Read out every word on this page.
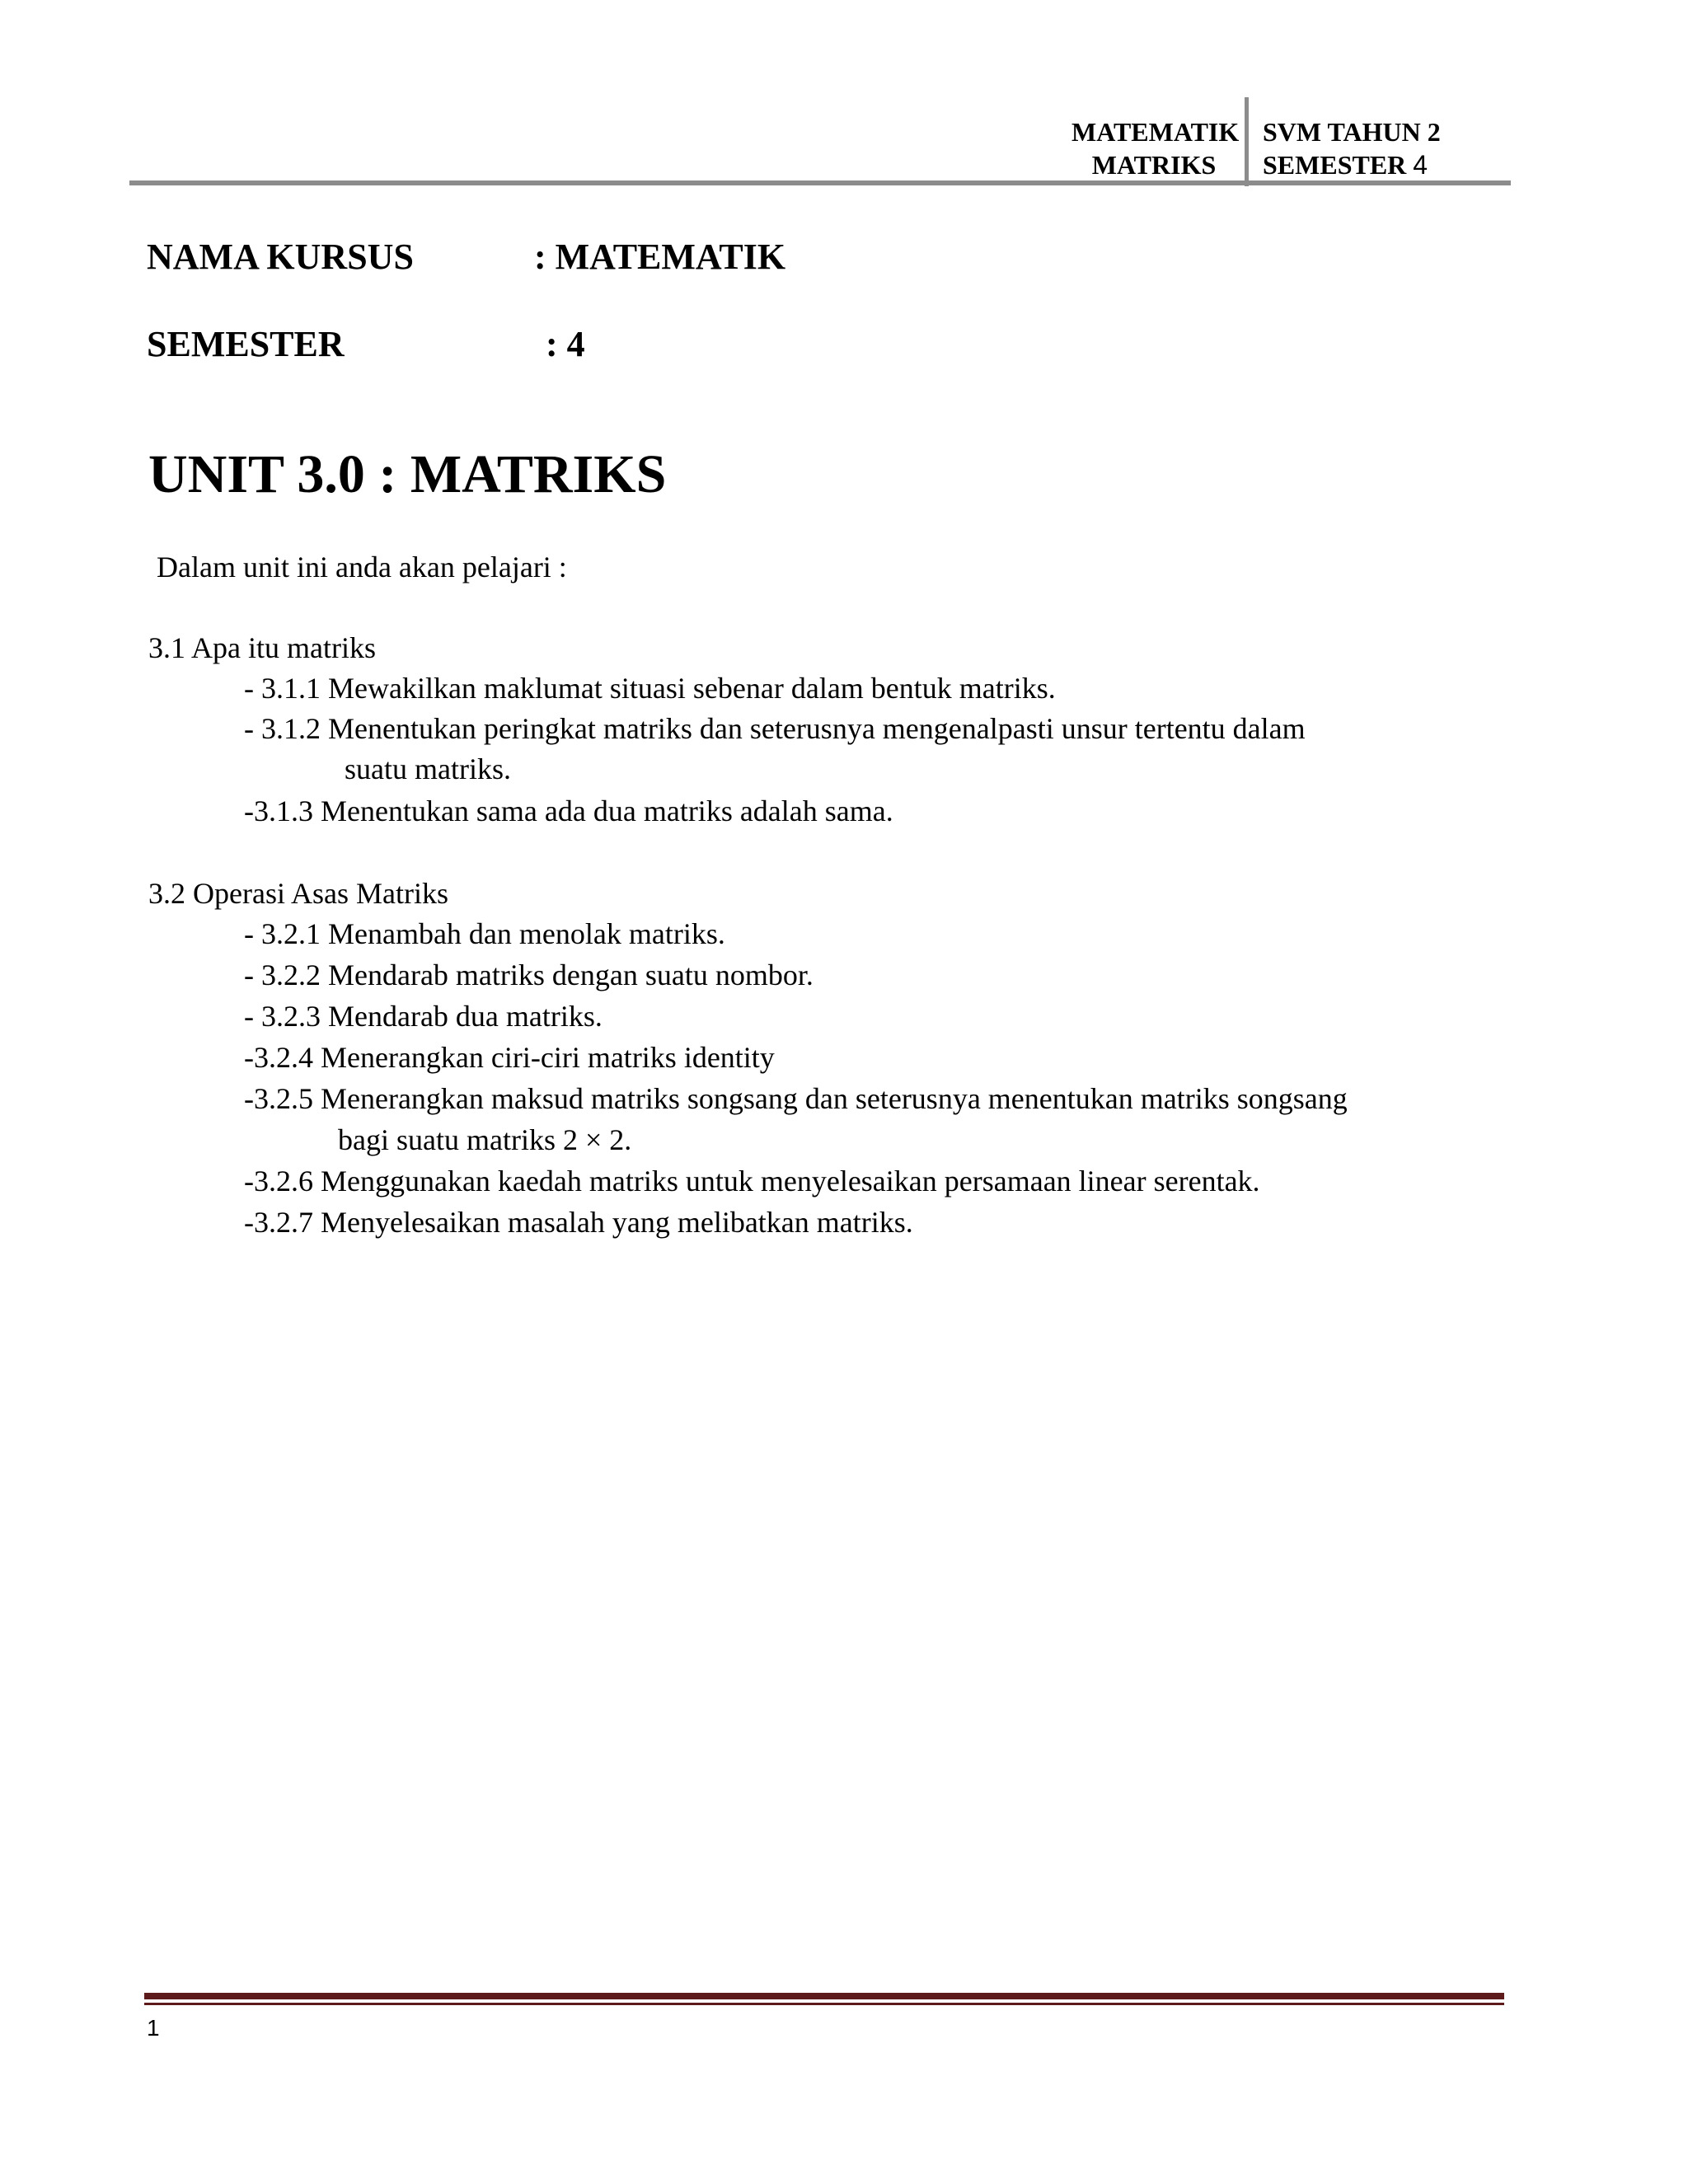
MATEMATIK
MATRIKS
SVM TAHUN 2
SEMESTER 4
NAMA KURSUS	: MATEMATIK
SEMESTER	: 4
UNIT 3.0 : MATRIKS
Dalam unit ini anda akan pelajari :
3.1 Apa itu matriks
- 3.1.1 Mewakilkan maklumat situasi sebenar dalam bentuk matriks.
- 3.1.2 Menentukan peringkat matriks dan seterusnya mengenalpasti unsur tertentu dalam
suatu matriks.
-3.1.3 Menentukan sama ada dua matriks adalah sama.
3.2 Operasi Asas Matriks
- 3.2.1 Menambah dan menolak matriks.
- 3.2.2 Mendarab matriks dengan suatu nombor.
- 3.2.3 Mendarab dua matriks.
-3.2.4 Menerangkan ciri-ciri matriks identity
-3.2.5 Menerangkan maksud matriks songsang dan seterusnya menentukan matriks songsang
bagi suatu matriks 2 × 2.
-3.2.6 Menggunakan kaedah matriks untuk menyelesaikan persamaan linear serentak.
-3.2.7 Menyelesaikan masalah yang melibatkan matriks.
1
